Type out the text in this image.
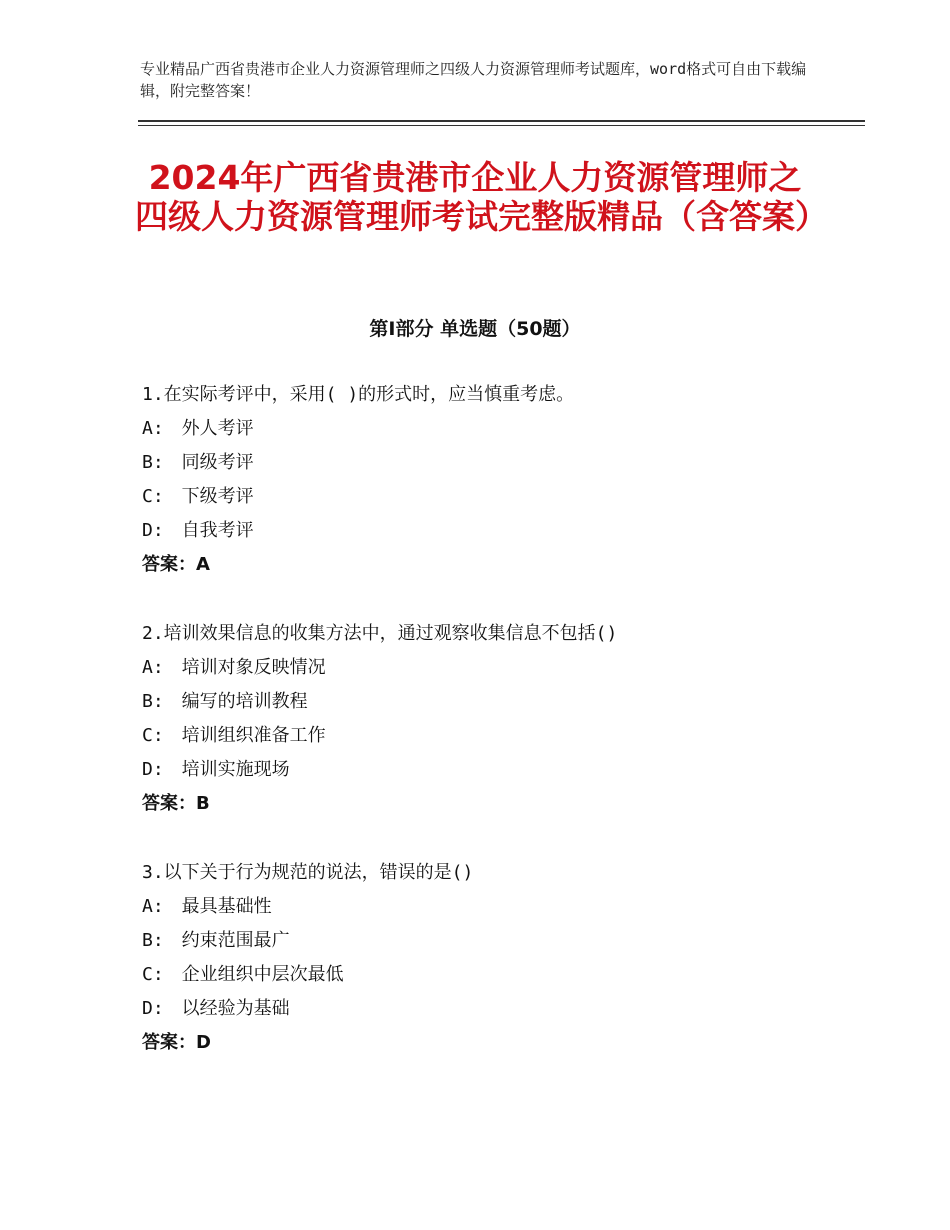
专业精品广西省贵港市企业人力资源管理师之四级人力资源管理师考试题库，word格式可自由下载编辑，附完整答案！

2024年广西省贵港市企业人力资源管理师之四级人力资源管理师考试完整版精品（含答案）
第Ⅰ部分 单选题（50题）
1.在实际考评中，采用( )的形式时，应当慎重考虑。
A:　外人考评
B:　同级考评
C:　下级考评
D:　自我考评
答案：A
2.培训效果信息的收集方法中，通过观察收集信息不包括()
A:　培训对象反映情况
B:　编写的培训教程
C:　培训组织准备工作
D:　培训实施现场
答案：B
3.以下关于行为规范的说法，错误的是()
A:　最具基础性
B:　约束范围最广
C:　企业组织中层次最低
D:　以经验为基础
答案：D
